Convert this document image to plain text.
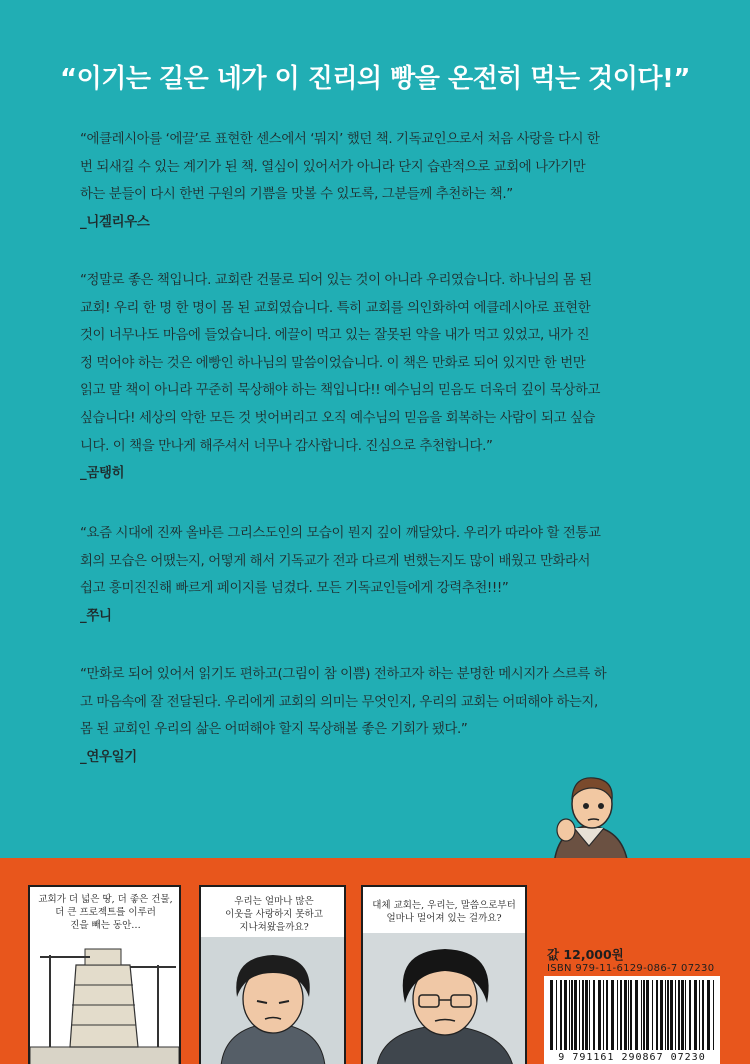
“이기는 길은 네가 이 진리의 빵을 온전히 먹는 것이다!”

“에클레시아를 ‘에끌’로 표현한 센스에서 ‘뭐지’ 했던 책. 기독교인으로서 처음 사랑을 다시 한

번 되새길 수 있는 계기가 된 책. 열심이 있어서가 아니라 단지 습관적으로 교회에 나가기만

하는 분들이 다시 한번 구원의 기쁨을 맛볼 수 있도록, 그분들께 추천하는 책.”

_니겔리우스

“정말로 좋은 책입니다. 교회란 건물로 되어 있는 것이 아니라 우리였습니다. 하나님의 몸 된

교회! 우리 한 명 한 명이 몸 된 교회였습니다. 특히 교회를 의인화하여 에클레시아로 표현한

것이 너무나도 마음에 들었습니다. 에끌이 먹고 있는 잘못된 약을 내가 먹고 있었고, 내가 진

정 먹어야 하는 것은 에빵인 하나님의 말씀이었습니다. 이 책은 만화로 되어 있지만 한 번만

읽고 말 책이 아니라 꾸준히 묵상해야 하는 책입니다!! 예수님의 믿음도 더욱더 깊이 묵상하고

싶습니다! 세상의 악한 모든 것 벗어버리고 오직 예수님의 믿음을 회복하는 사람이 되고 싶습

니다. 이 책을 만나게 해주셔서 너무나 감사합니다. 진심으로 추천합니다.”

_곰탱히

“요즘 시대에 진짜 올바른 그리스도인의 모습이 뭔지 깊이 깨달았다. 우리가 따라야 할 전통교

회의 모습은 어땠는지, 어떻게 해서 기독교가 전과 다르게 변했는지도 많이 배웠고 만화라서

쉽고 흥미진진해 빠르게 페이지를 넘겼다. 모든 기독교인들에게 강력추천!!!”

_쭈니

“만화로 되어 있어서 읽기도 편하고(그림이 참 이쁨) 전하고자 하는 분명한 메시지가 스르륵 하

고 마음속에 잘 전달된다. 우리에게 교회의 의미는 무엇인지, 우리의 교회는 어떠해야 하는지,

몸 된 교회인 우리의 삶은 어떠해야 할지 묵상해볼 좋은 기회가 됐다.”

_연우일기
교회가 더 넓은 땅, 더 좋은 건물,
더 큰 프로젝트를 이루러
진을 빼는 동안…
우리는 얼마나 많은
이웃을 사랑하지 못하고
지나쳐왔을까요?
대체 교회는, 우리는, 말씀으로부터
얼마나 멀어져 있는 걸까요?
값 12,000원
ISBN 979-11-6129-086-7 07230
9 791161 290867 07230
